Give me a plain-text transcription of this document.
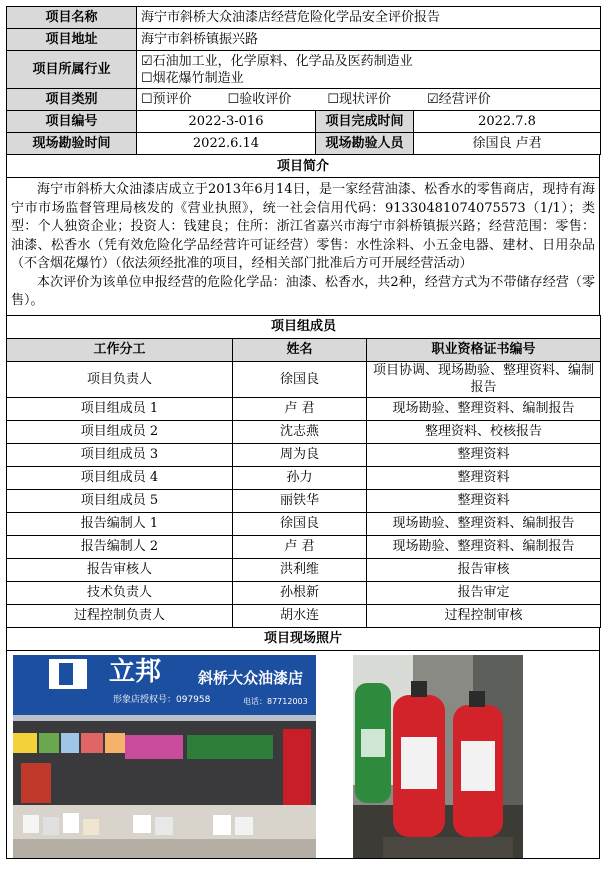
项目名称	海宁市斜桥大众油漆店经营危险化学品安全评价报告		
项目地址	海宁市斜桥镇振兴路		
项目所属行业	☑石油加工业，化学原料、化学品及医药制造业
☐烟花爆竹制造业		

项目类别	☐预评价 ☐验收评价 ☐现状评价 ☑经营评价		
项目编号	2022-3-016	项目完成时间	2022.7.8
现场勘验时间	2022.6.14	现场勘验人员	徐国良 卢君
项目简介

海宁市斜桥大众油漆店成立于2013年6月14日，是一家经营油漆、松香水的零售商店，现持有海宁市市场监督管理局核发的《营业执照》，统一社会信用代码：91330481074075573（1/1）；类型：个人独资企业；投资人：钱建良；住所：浙江省嘉兴市海宁市斜桥镇振兴路；经营范围：零售：油漆、松香水（凭有效危险化学品经营许可证经营）零售：水性涂料、小五金电器、建材、日用杂品（不含烟花爆竹）（依法须经批准的项目，经相关部门批准后方可开展经营活动）

本次评价为该单位申报经营的危险化学品：油漆、松香水，共2种，经营方式为不带储存经营（零售）。

项目组成员		
工作分工	姓名	职业资格证书编号
项目负责人	徐国良	项目协调、现场勘验、整理资料、编制报告
项目组成员 1	卢 君	现场勘验、整理资料、编制报告
项目组成员 2	沈志燕	整理资料、校核报告
项目组成员 3	周为良	整理资料
项目组成员 4	孙力	整理资料
项目组成员 5	丽铁华	整理资料
报告编制人 1	徐国良	现场勘验、整理资料、编制报告
报告编制人 2	卢 君	现场勘验、整理资料、编制报告
报告审核人	洪利维	报告审核
技术负责人	孙根新	报告审定
过程控制负责人	胡水连	过程控制审核
项目现场照片

立邦 斜桥大众油漆店
形象店授权号：097958	电话：87712003
